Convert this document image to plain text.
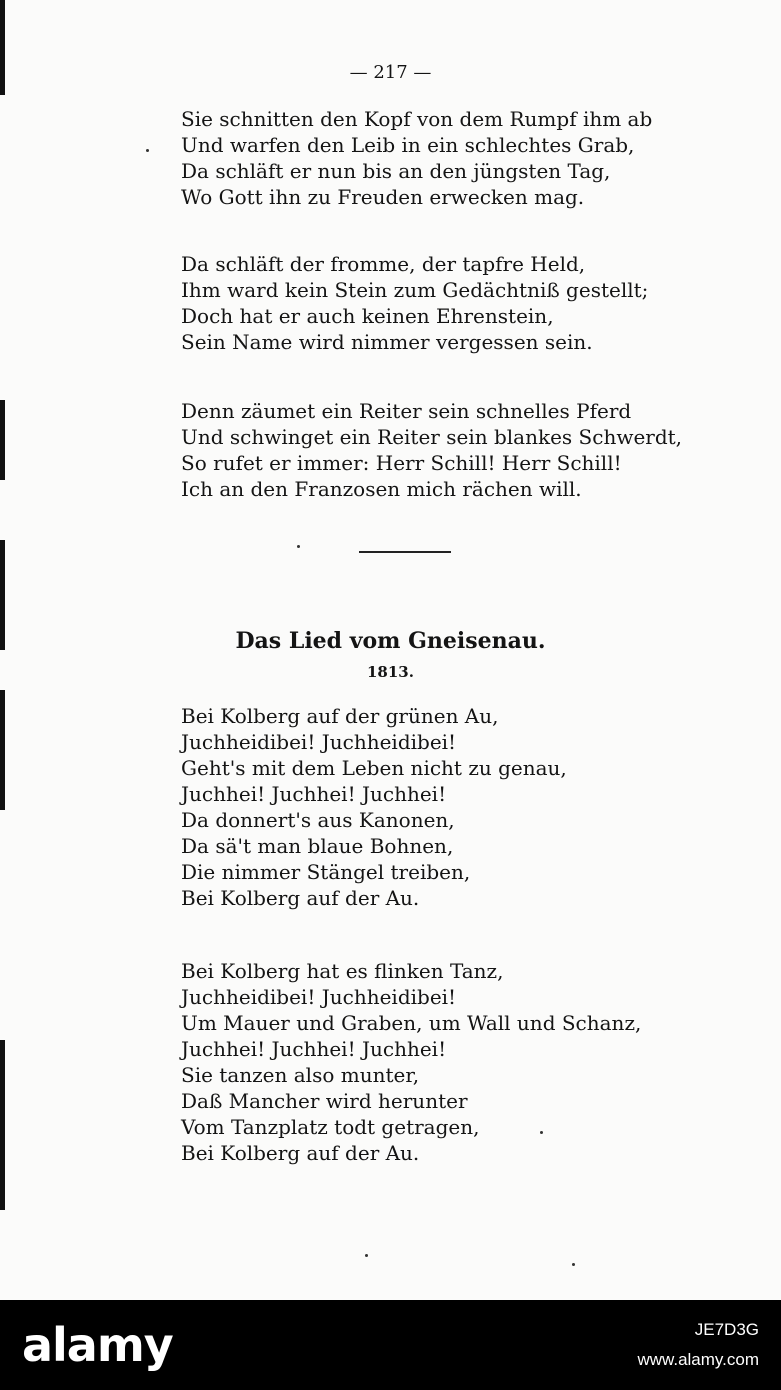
— 217 —
Sie schnitten den Kopf von dem Rumpf ihm ab
Und warfen den Leib in ein schlechtes Grab,
Da schläft er nun bis an den jüngsten Tag,
Wo Gott ihn zu Freuden erwecken mag.
Da schläft der fromme, der tapfre Held,
Ihm ward kein Stein zum Gedächtniß gestellt;
Doch hat er auch keinen Ehrenstein,
Sein Name wird nimmer vergessen sein.
Denn zäumet ein Reiter sein schnelles Pferd
Und schwinget ein Reiter sein blankes Schwerdt,
So rufet er immer: Herr Schill! Herr Schill!
Ich an den Franzosen mich rächen will.
Das Lied vom Gneisenau.
1813.
Bei Kolberg auf der grünen Au,
Juchheidibei! Juchheidibei!
Geht's mit dem Leben nicht zu genau,
Juchhei! Juchhei! Juchhei!
Da donnert's aus Kanonen,
Da sä't man blaue Bohnen,
Die nimmer Stängel treiben,
Bei Kolberg auf der Au.
Bei Kolberg hat es flinken Tanz,
Juchheidibei! Juchheidibei!
Um Mauer und Graben, um Wall und Schanz,
Juchhei! Juchhei! Juchhei!
Sie tanzen also munter,
Daß Mancher wird herunter
Vom Tanzplatz todt getragen,
Bei Kolberg auf der Au.
alamy	JE7D3G
www.alamy.com
